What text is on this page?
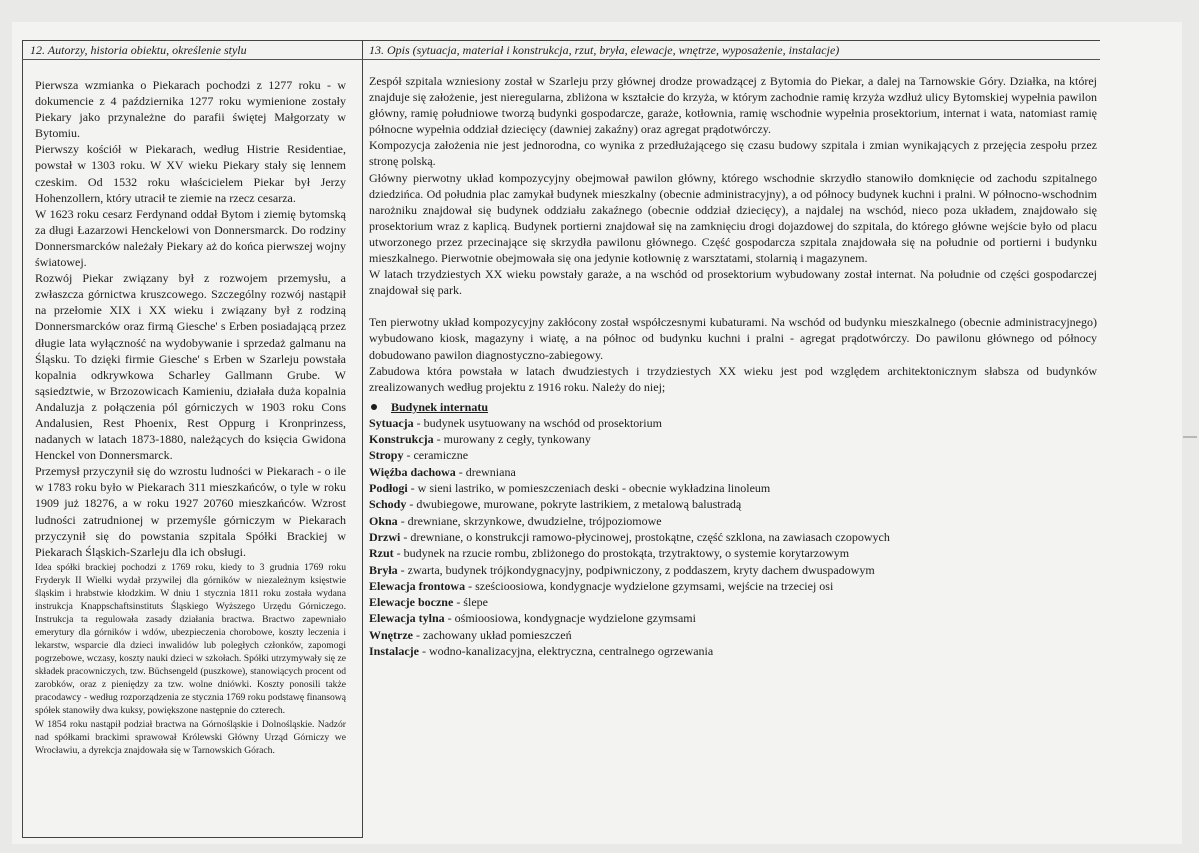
12. Autorzy, historia obiektu, określenie stylu	13. Opis (sytuacja, materiał i konstrukcja, rzut, bryła, elewacje, wnętrze, wyposażenie, instalacje)

Pierwsza wzmianka o Piekarach pochodzi z 1277 roku - w dokumencie z 4 października 1277 roku wymienione zostały Piekary jako przynależne do parafii świętej Małgorzaty w Bytomiu.

Pierwszy kościół w Piekarach, według Histrie Residentiae, powstał w 1303 roku. W XV wieku Piekary stały się lennem czeskim. Od 1532 roku właścicielem Piekar był Jerzy Hohenzollern, który utracił te ziemie na rzecz cesarza.

W 1623 roku cesarz Ferdynand oddał Bytom i ziemię bytomską za długi Łazarzowi Henckelowi von Donnersmarck. Do rodziny Donnersmarcków należały Piekary aż do końca pierwszej wojny światowej.

Rozwój Piekar związany był z rozwojem przemysłu, a zwłaszcza górnictwa kruszcowego. Szczególny rozwój nastąpił na przełomie XIX i XX wieku i związany był z rodziną Donnersmarcków oraz firmą Giesche' s Erben posiadającą przez długie lata wyłączność na wydobywanie i sprzedaż galmanu na Śląsku. To dzięki firmie Giesche' s Erben w Szarleju powstała kopalnia odkrywkowa Scharley Gallmann Grube. W sąsiedztwie, w Brzozowicach Kamieniu, działała duża kopalnia Andaluzja z połączenia pól górniczych w 1903 roku Cons Andalusien, Rest Phoenix, Rest Oppurg i Kronprinzess, nadanych w latach 1873-1880, należących do księcia Gwidona Henckel von Donnersmarck.

Przemysł przyczynił się do wzrostu ludności w Piekarach - o ile w 1783 roku było w Piekarach 311 mieszkańców, o tyle w roku 1909 już 18276, a w roku 1927 20760 mieszkańców. Wzrost ludności zatrudnionej w przemyśle górniczym w Piekarach przyczynił się do powstania szpitala Spółki Brackiej w Piekarach Śląskich-Szarleju dla ich obsługi.

Idea spółki brackiej pochodzi z 1769 roku, kiedy to 3 grudnia 1769 roku Fryderyk II Wielki wydał przywilej dla górników w niezależnym księstwie śląskim i hrabstwie kłodzkim. W dniu 1 stycznia 1811 roku została wydana instrukcja Knappschaftsinstituts Śląskiego Wyższego Urzędu Górniczego. Instrukcja ta regulowała zasady działania bractwa. Bractwo zapewniało emerytury dla górników i wdów, ubezpieczenia chorobowe, koszty leczenia i lekarstw, wsparcie dla dzieci inwalidów lub poległych członków, zapomogi pogrzebowe, wczasy, koszty nauki dzieci w szkołach. Spółki utrzymywały się ze składek pracowniczych, tzw. Büchsengeld (puszkowe), stanowiących procent od zarobków, oraz z pieniędzy za tzw. wolne dniówki. Koszty ponosili także pracodawcy - według rozporządzenia ze stycznia 1769 roku podstawę finansową spółek stanowiły dwa kuksy, powiększone następnie do czterech.

W 1854 roku nastąpił podział bractwa na Górnośląskie i Dolnośląskie. Nadzór nad spółkami brackimi sprawował Królewski Główny Urząd Górniczy we Wrocławiu, a dyrekcja znajdowała się w Tarnowskich Górach.

Zespół szpitala wzniesiony został w Szarleju przy głównej drodze prowadzącej z Bytomia do Piekar, a dalej na Tarnowskie Góry. Działka, na której znajduje się założenie, jest nieregularna, zbliżona w kształcie do krzyża, w którym zachodnie ramię krzyża wzdłuż ulicy Bytomskiej wypełnia pawilon główny, ramię południowe tworzą budynki gospodarcze, garaże, kotłownia, ramię wschodnie wypełnia prosektorium, internat i wata, natomiast ramię północne wypełnia oddział dziecięcy (dawniej zakaźny) oraz agregat prądotwórczy.

Kompozycja założenia nie jest jednorodna, co wynika z przedłużającego się czasu budowy szpitala i zmian wynikających z przejęcia zespołu przez stronę polską.

Główny pierwotny układ kompozycyjny obejmował pawilon główny, którego wschodnie skrzydło stanowiło domknięcie od zachodu szpitalnego dziedzińca. Od południa plac zamykał budynek mieszkalny (obecnie administracyjny), a od północy budynek kuchni i pralni. W północno-wschodnim narożniku znajdował się budynek oddziału zakaźnego (obecnie oddział dziecięcy), a najdalej na wschód, nieco poza układem, znajdowało się prosektorium wraz z kaplicą. Budynek portierni znajdował się na zamknięciu drogi dojazdowej do szpitala, do którego główne wejście było od placu utworzonego przez przecinające się skrzydła pawilonu głównego. Część gospodarcza szpitala znajdowała się na południe od portierni i budynku mieszkalnego. Pierwotnie obejmowała się ona jedynie kotłownię z warsztatami, stolarnią i magazynem.

W latach trzydziestych XX wieku powstały garaże, a na wschód od prosektorium wybudowany został internat. Na południe od części gospodarczej znajdował się park.

Ten pierwotny układ kompozycyjny zakłócony został współczesnymi kubaturami. Na wschód od budynku mieszkalnego (obecnie administracyjnego) wybudowano kiosk, magazyny i wiatę, a na północ od budynku kuchni i pralni - agregat prądotwórczy. Do pawilonu głównego od północy dobudowano pawilon diagnostyczno-zabiegowy.

Zabudowa która powstała w latach dwudziestych i trzydziestych XX wieku jest pod względem architektonicznym słabsza od budynków zrealizowanych według projektu z 1916 roku. Należy do niej;

Budynek internatu

Sytuacja - budynek usytuowany na wschód od prosektorium

Konstrukcja - murowany z cegły, tynkowany

Stropy - ceramiczne

Więźba dachowa - drewniana

Podłogi - w sieni lastriko, w pomieszczeniach deski - obecnie wykładzina linoleum

Schody - dwubiegowe, murowane, pokryte lastrikiem, z metalową balustradą

Okna - drewniane, skrzynkowe, dwudzielne, trójpoziomowe

Drzwi - drewniane, o konstrukcji ramowo-płycinowej, prostokątne, część szklona, na zawiasach czopowych

Rzut - budynek na rzucie rombu, zbliżonego do prostokąta, trzytraktowy, o systemie korytarzowym

Bryła - zwarta, budynek trójkondygnacyjny, podpiwniczony, z poddaszem, kryty dachem dwuspadowym

Elewacja frontowa - sześcioosiowa, kondygnacje wydzielone gzymsami, wejście na trzeciej osi

Elewacje boczne - ślepe

Elewacja tylna - ośmioosiowa, kondygnacje wydzielone gzymsami

Wnętrze - zachowany układ pomieszczeń

Instalacje - wodno-kanalizacyjna, elektryczna, centralnego ogrzewania
